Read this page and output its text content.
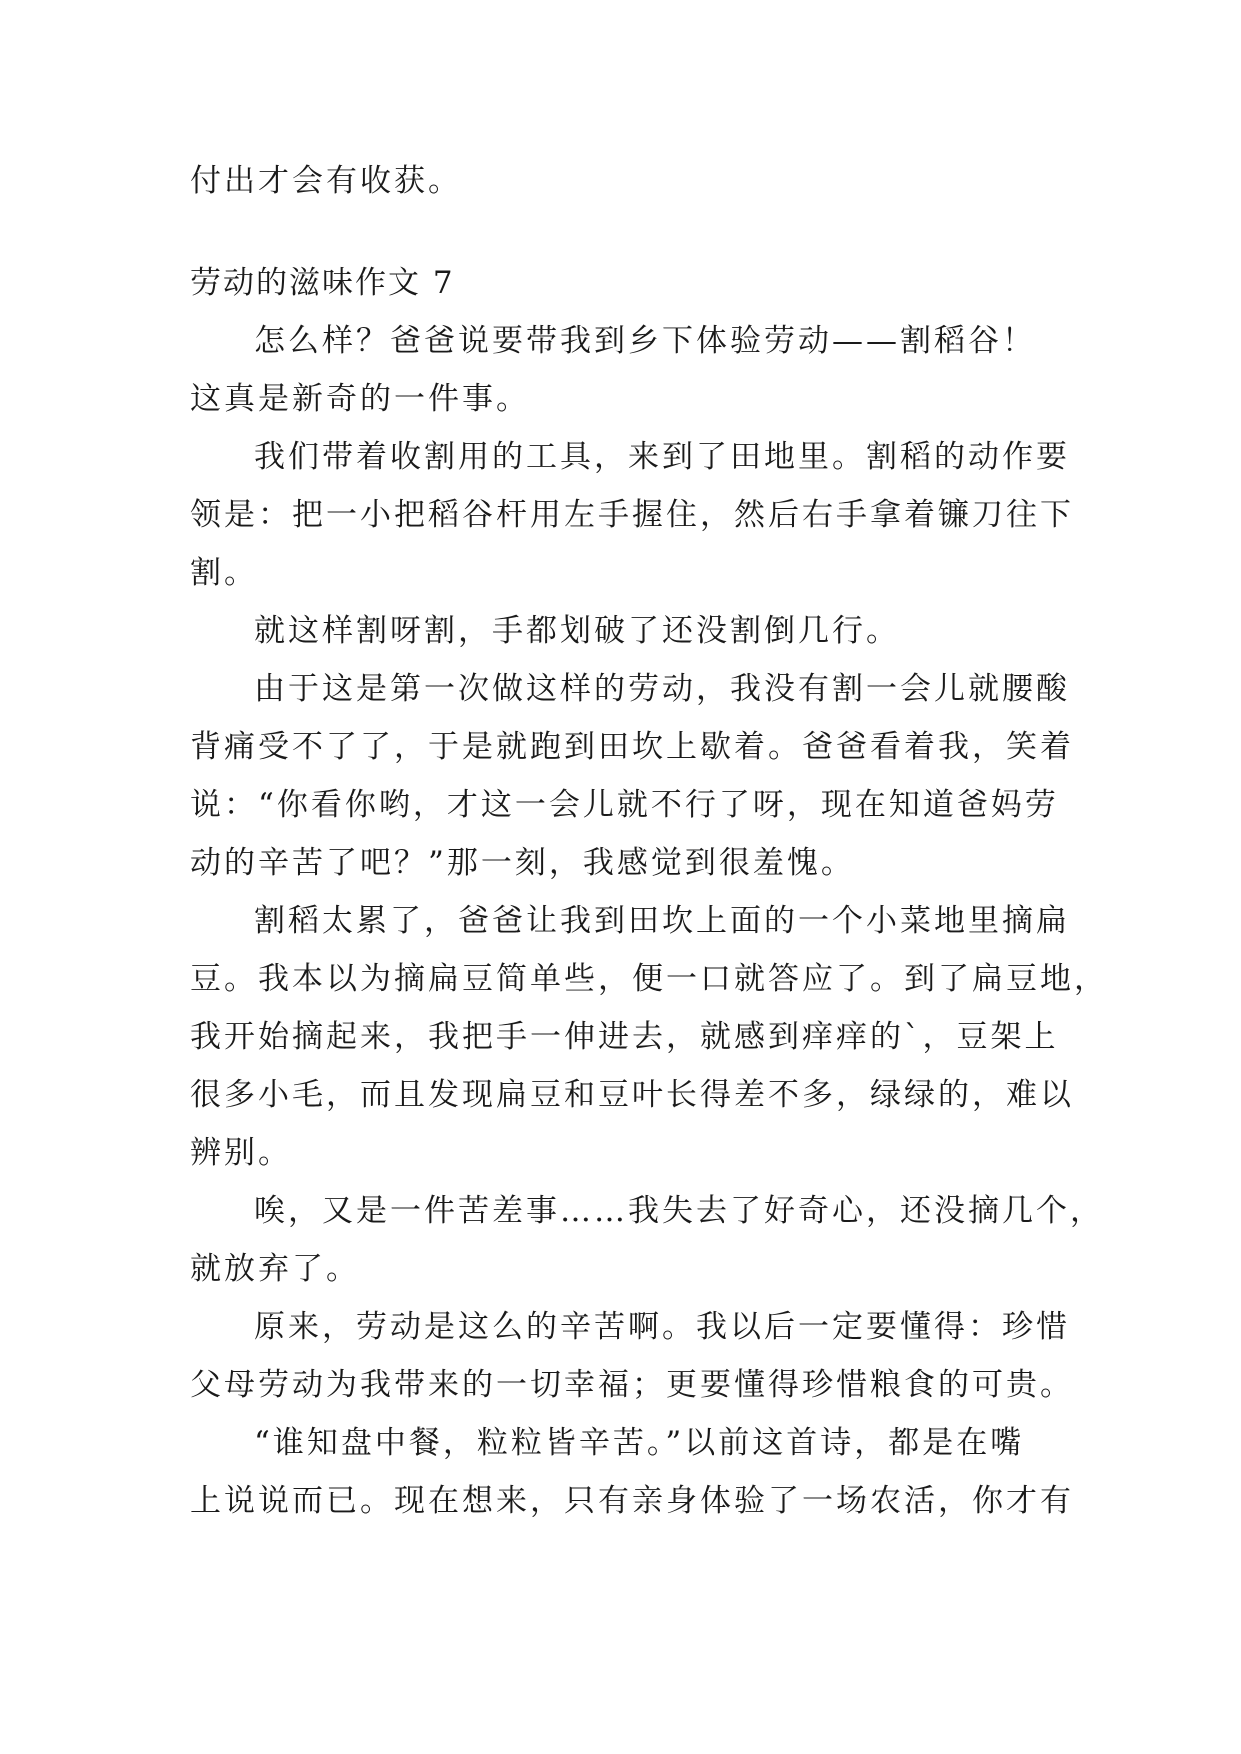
付出才会有收获。
劳动的滋味作文 7
怎么样？爸爸说要带我到乡下体验劳动——割稻谷！
这真是新奇的一件事。
我们带着收割用的工具，来到了田地里。割稻的动作要
领是：把一小把稻谷杆用左手握住，然后右手拿着镰刀往下
割。
就这样割呀割，手都划破了还没割倒几行。
由于这是第一次做这样的劳动，我没有割一会儿就腰酸
背痛受不了了，于是就跑到田坎上歇着。爸爸看着我，笑着
说：“你看你哟，才这一会儿就不行了呀，现在知道爸妈劳
动的辛苦了吧？”那一刻，我感觉到很羞愧。
割稻太累了，爸爸让我到田坎上面的一个小菜地里摘扁
豆。我本以为摘扁豆简单些，便一口就答应了。到了扁豆地，
我开始摘起来，我把手一伸进去，就感到痒痒的`，豆架上
很多小毛，而且发现扁豆和豆叶长得差不多，绿绿的，难以
辨别。
唉，又是一件苦差事……我失去了好奇心，还没摘几个，
就放弃了。
原来，劳动是这么的辛苦啊。我以后一定要懂得：珍惜
父母劳动为我带来的一切幸福；更要懂得珍惜粮食的可贵。
“谁知盘中餐，粒粒皆辛苦。”以前这首诗，都是在嘴
上说说而已。现在想来，只有亲身体验了一场农活，你才有
